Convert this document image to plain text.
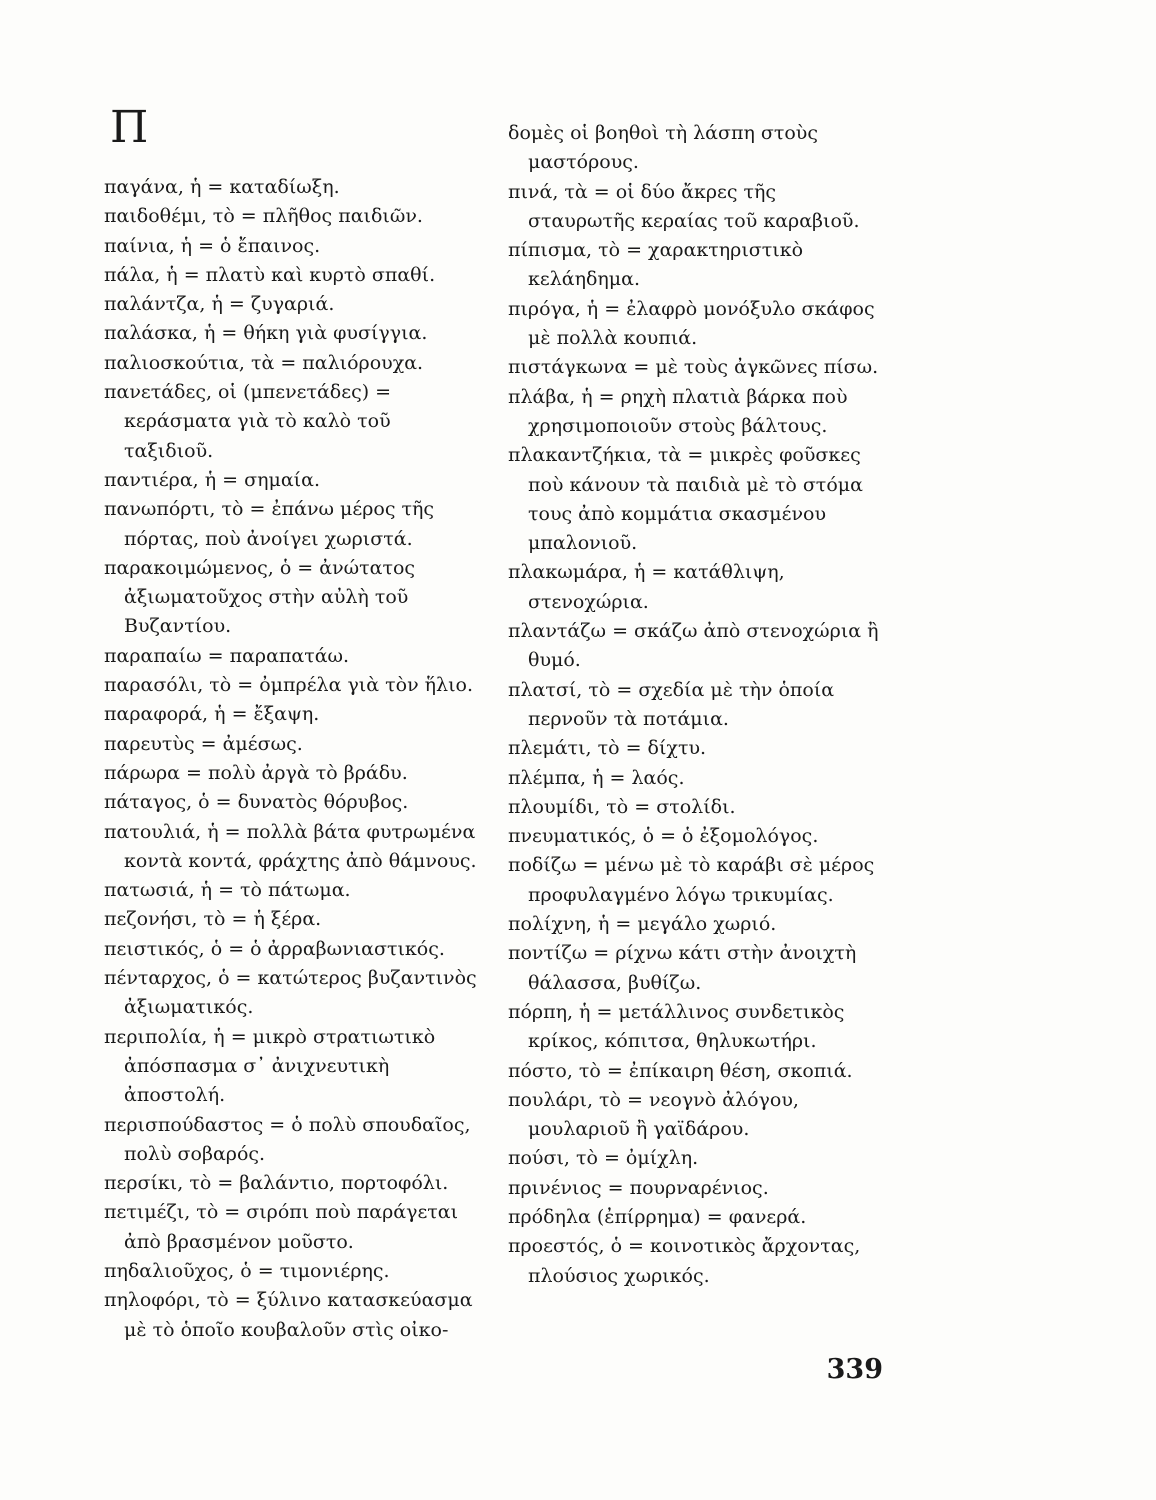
Π
παγάνα, ἡ = καταδίωξη.
παιδοθέμι, τὸ = πλῆθος παιδιῶν.
παίνια, ἡ = ὁ ἔπαινος.
πάλα, ἡ = πλατὺ καὶ κυρτὸ σπαθί.
παλάντζα, ἡ = ζυγαριά.
παλάσκα, ἡ = θήκη γιὰ φυσίγγια.
παλιοσκούτια, τὰ = παλιόρουχα.
πανετάδες, οἱ (μπενετάδες) = κεράσματα γιὰ τὸ καλὸ τοῦ ταξιδιοῦ.
παντιέρα, ἡ = σημαία.
πανωπόρτι, τὸ = ἐπάνω μέρος τῆς πόρτας, ποὺ ἀνοίγει χωριστά.
παρακοιμώμενος, ὁ = ἀνώτατος ἀξιωματοῦχος στὴν αὐλὴ τοῦ Βυζαντίου.
παραπαίω = παραπατάω.
παρασόλι, τὸ = ὀμπρέλα γιὰ τὸν ἥλιο.
παραφορά, ἡ = ἔξαψη.
παρευτὺς = ἀμέσως.
πάρωρα = πολὺ ἀργὰ τὸ βράδυ.
πάταγος, ὁ = δυνατὸς θόρυβος.
πατουλιά, ἡ = πολλὰ βάτα φυτρωμένα κοντὰ κοντά, φράχτης ἀπὸ θάμνους.
πατωσιά, ἡ = τὸ πάτωμα.
πεζονήσι, τὸ = ἡ ξέρα.
πειστικός, ὁ = ὁ ἀρραβωνιαστικός.
πένταρχος, ὁ = κατώτερος βυζαντινὸς ἀξιωματικός.
περιπολία, ἡ = μικρὸ στρατιωτικὸ ἀπόσπασμα σ᾿ ἀνιχνευτικὴ ἀποστολή.
περισπούδαστος = ὁ πολὺ σπουδαῖος, πολὺ σοβαρός.
περσίκι, τὸ = βαλάντιο, πορτοφόλι.
πετιμέζι, τὸ = σιρόπι ποὺ παράγεται ἀπὸ βρασμένον μοῦστο.
πηδαλιοῦχος, ὁ = τιμονιέρης.
πηλοφόρι, τὸ = ξύλινο κατασκεύασμα μὲ τὸ ὁποῖο κουβαλοῦν στὶς οἰκο-
δομὲς οἱ βοηθοὶ τὴ λάσπη στοὺς
μαστόρους.
πινά, τὰ = οἱ δύο ἄκρες τῆς σταυρωτῆς κεραίας τοῦ καραβιοῦ.
πίπισμα, τὸ = χαρακτηριστικὸ κελάηδημα.
πιρόγα, ἡ = ἐλαφρὸ μονόξυλο σκάφος μὲ πολλὰ κουπιά.
πιστάγκωνα = μὲ τοὺς ἀγκῶνες πίσω.
πλάβα, ἡ = ρηχὴ πλατιὰ βάρκα ποὺ χρησιμοποιοῦν στοὺς βάλτους.
πλακαντζήκια, τὰ = μικρὲς φοῦσκες ποὺ κάνουν τὰ παιδιὰ μὲ τὸ στόμα τους ἀπὸ κομμάτια σκασμένου μπαλονιοῦ.
πλακωμάρα, ἡ = κατάθλιψη, στενοχώρια.
πλαντάζω = σκάζω ἀπὸ στενοχώρια ἢ θυμό.
πλατσί, τὸ = σχεδία μὲ τὴν ὁποία περνοῦν τὰ ποτάμια.
πλεμάτι, τὸ = δίχτυ.
πλέμπα, ἡ = λαός.
πλουμίδι, τὸ = στολίδι.
πνευματικός, ὁ = ὁ ἐξομολόγος.
ποδίζω = μένω μὲ τὸ καράβι σὲ μέρος προφυλαγμένο λόγω τρικυμίας.
πολίχνη, ἡ = μεγάλο χωριό.
ποντίζω = ρίχνω κάτι στὴν ἀνοιχτὴ θάλασσα, βυθίζω.
πόρπη, ἡ = μετάλλινος συνδετικὸς κρίκος, κόπιτσα, θηλυκωτήρι.
πόστο, τὸ = ἐπίκαιρη θέση, σκοπιά.
πουλάρι, τὸ = νεογνὸ ἀλόγου, μουλαριοῦ ἢ γαϊδάρου.
πούσι, τὸ = ὀμίχλη.
πρινένιος = πουρναρένιος.
πρόδηλα (ἐπίρρημα) = φανερά.
προεστός, ὁ = κοινοτικὸς ἄρχοντας, πλούσιος χωρικός.
339
